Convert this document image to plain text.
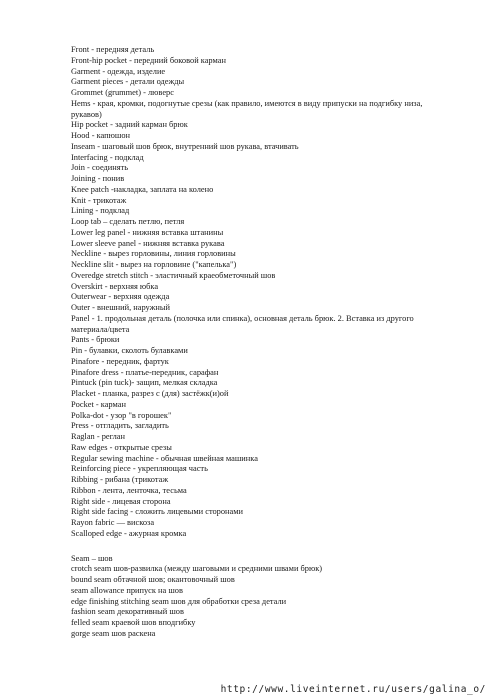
Front - передняя деталь

Front-hip pocket - передний боковой карман

Garment - одежда, изделие

Garment pieces - детали одежды

Grommet (grummet) - люверс

Hems - края, кромки, подогнутые срезы (как правило, имеются в виду припуски на подгибку низа, рукавов)

Hip pocket - задний карман брюк

Hood - капюшон

Inseam - шаговый шов брюк, внутренний шов рукава, втачивать

Interfacing - подклад

Join - соединять

Joining - понив

Knee patch -накладка, заплата на колено

Knit - трикотаж

Lining - подклад

Loop tab – сделать петлю, петля

Lower leg panel - нижняя вставка штанины

Lower sleeve panel - нижняя вставка рукава

Neckline - вырез горловины, линия горловины

Neckline slit - вырез на горловине ("капелька")

Overedge stretch stitch - эластичный краеобметочный шов

Overskirt - верхняя юбка

Outerwear - верхняя одежда

Outer - внешний, наружный

Panel - 1. продольная деталь (полочка или спинка), основная деталь брюк. 2. Вставка из другого материала/цвета

Pants - брюки

Pin - булавки, сколоть булавками

Pinafore - передник, фартук

Pinafore dress - платье-передник, сарафан

Pintuck (pin tuck)- защип, мелкая складка

Placket - планка, разрез с (для) застёжк(и)ой

Pocket - карман

Polka-dot - узор "в горошек"

Press - отгладить, загладить

Raglan - реглан

Raw edges - открытые срезы

Regular sewing machine - обычная швейная машинка

Reinforcing piece - укрепляющая часть

Ribbing - рибана (трикотаж

Ribbon - лента, ленточка, тесьма

Right side - лицевая сторона

Right side facing - сложить лицевыми сторонами

Rayon fabric — вискоза

Scalloped edge - ажурная кромка

Seam – шов

crotch seam шов-развилка (между шаговыми и средними швами брюк)

bound seam обтачной шов; окантовочный шов

seam allowance припуск на шов

edge finishing stitching seam шов для обработки среза детали

fashion seam декоративный шов

felled seam краевой шов вподгибку

gorge seam шов раскена

http://www.liveinternet.ru/users/galina_o/
